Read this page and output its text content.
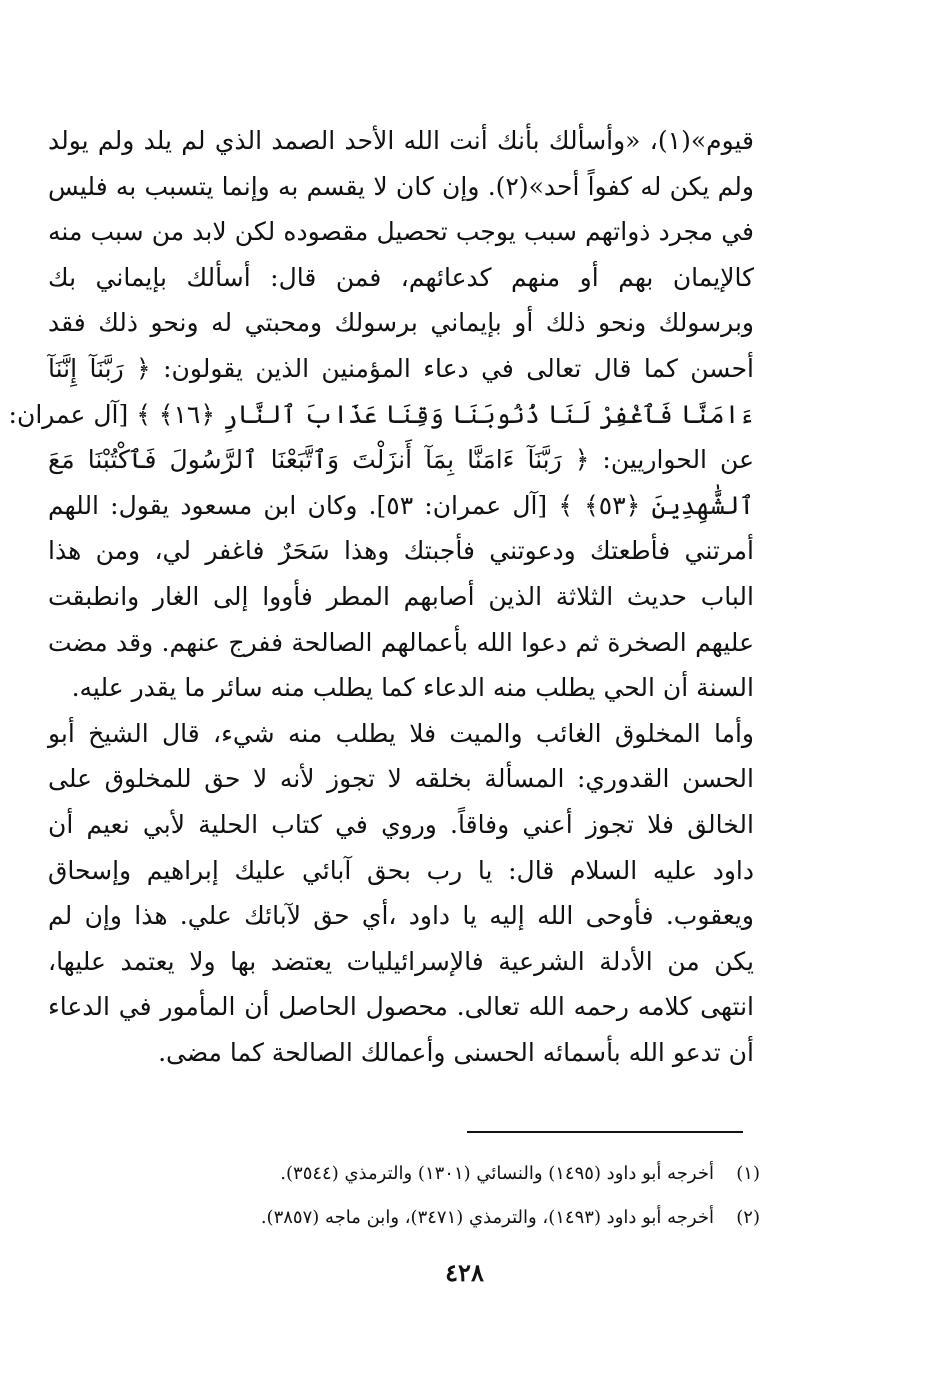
قيوم»(١)، «وأسألك بأنك أنت الله الأحد الصمد الذي لم يلد ولم يولد
ولم يكن له كفواً أحد»(٢). وإن كان لا يقسم به وإنما يتسبب به فليس
في مجرد ذواتهم سبب يوجب تحصيل مقصوده لكن لابد من سبب منه
كالإيمان بهم أو منهم كدعائهم، فمن قال: أسألك بإيماني بك
وبرسولك ونحو ذلك أو بإيماني برسولك ومحبتي له ونحو ذلك فقد
أحسن كما قال تعالى في دعاء المؤمنين الذين يقولون: ﴿ رَبَّنَآ إِنَّنَآ
ءَامَنَّا فَٱغْفِرْ لَنَا ذُنُوبَنَا وَقِنَا عَذَابَ ٱلنَّارِ ﴿١٦﴾ ﴾ [آل عمران:
عن الحواريين: ﴿ رَبَّنَآ ءَامَنَّا بِمَآ أَنزَلْتَ وَٱتَّبَعْنَا ٱلرَّسُولَ فَٱكْتُبْنَا مَعَ
ٱلشَّٰهِدِينَ ﴿٥٣﴾ ﴾ [آل عمران: ٥٣]. وكان ابن مسعود يقول: اللهم
أمرتني فأطعتك ودعوتني فأجبتك وهذا سَحَرٌ فاغفر لي، ومن هذا
الباب حديث الثلاثة الذين أصابهم المطر فأووا إلى الغار وانطبقت
عليهم الصخرة ثم دعوا الله بأعمالهم الصالحة ففرج عنهم. وقد مضت
السنة أن الحي يطلب منه الدعاء كما يطلب منه سائر ما يقدر عليه.
وأما المخلوق الغائب والميت فلا يطلب منه شيء، قال الشيخ أبو
الحسن القدوري: المسألة بخلقه لا تجوز لأنه لا حق للمخلوق على
الخالق فلا تجوز أعني وفاقاً. وروي في كتاب الحلية لأبي نعيم أن
داود عليه السلام قال: يا رب بحق آبائي عليك إبراهيم وإسحاق
ويعقوب. فأوحى الله إليه يا داود ،أي حق لآبائك علي. هذا وإن لم
يكن من الأدلة الشرعية فالإسرائيليات يعتضد بها ولا يعتمد عليها،
انتهى كلامه رحمه الله تعالى. محصول الحاصل أن المأمور في الدعاء
أن تدعو الله بأسمائه الحسنى وأعمالك الصالحة كما مضى.
(١)أخرجه أبو داود (١٤٩٥) والنسائي (١٣٠١) والترمذي (٣٥٤٤).
(٢)أخرجه أبو داود (١٤٩٣)، والترمذي (٣٤٧١)، وابن ماجه (٣٨٥٧).
٤٢٨
